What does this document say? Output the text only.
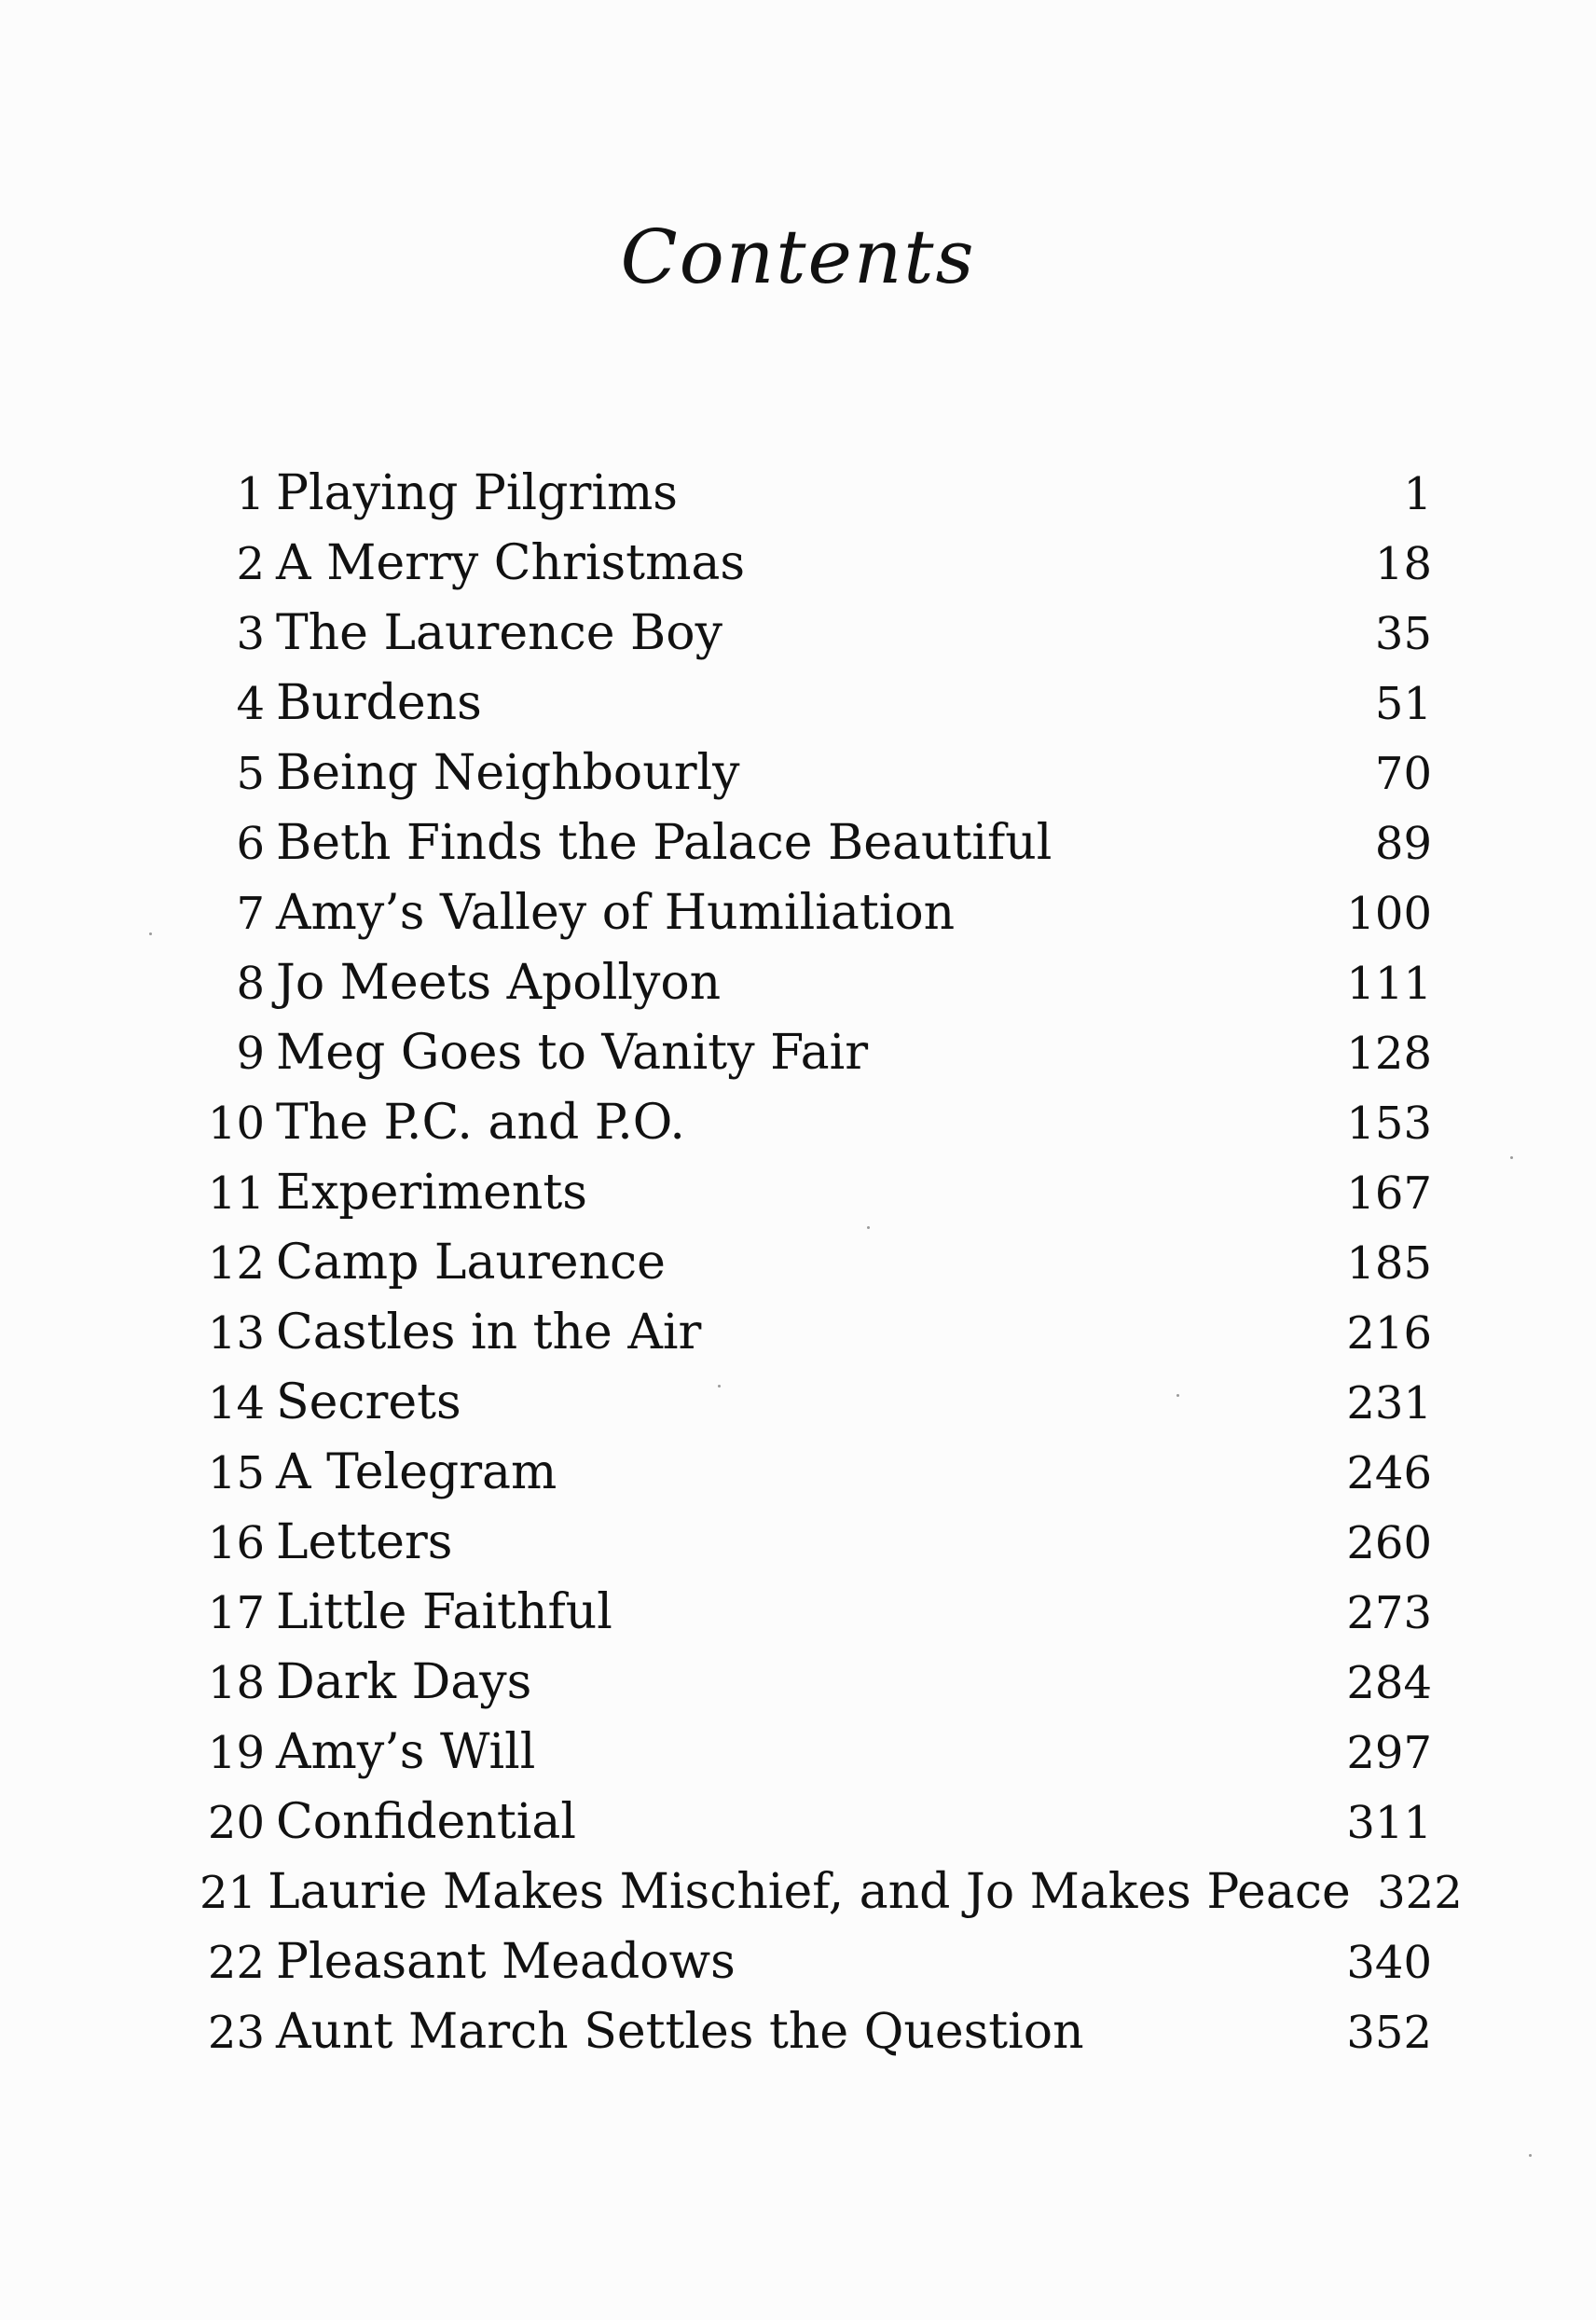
Contents
1 Playing Pilgrims	1
2 A Merry Christmas	18
3 The Laurence Boy	35
4 Burdens	51
5 Being Neighbourly	70
6 Beth Finds the Palace Beautiful	89
7 Amy’s Valley of Humiliation	100
8 Jo Meets Apollyon	111
9 Meg Goes to Vanity Fair	128
10 The P.C. and P.O.	153
11 Experiments	167
12 Camp Laurence	185
13 Castles in the Air	216
14 Secrets	231
15 A Telegram	246
16 Letters	260
17 Little Faithful	273
18 Dark Days	284
19 Amy’s Will	297
20 Confidential	311
21 Laurie Makes Mischief, and Jo Makes Peace 322
22 Pleasant Meadows	340
23 Aunt March Settles the Question	352
